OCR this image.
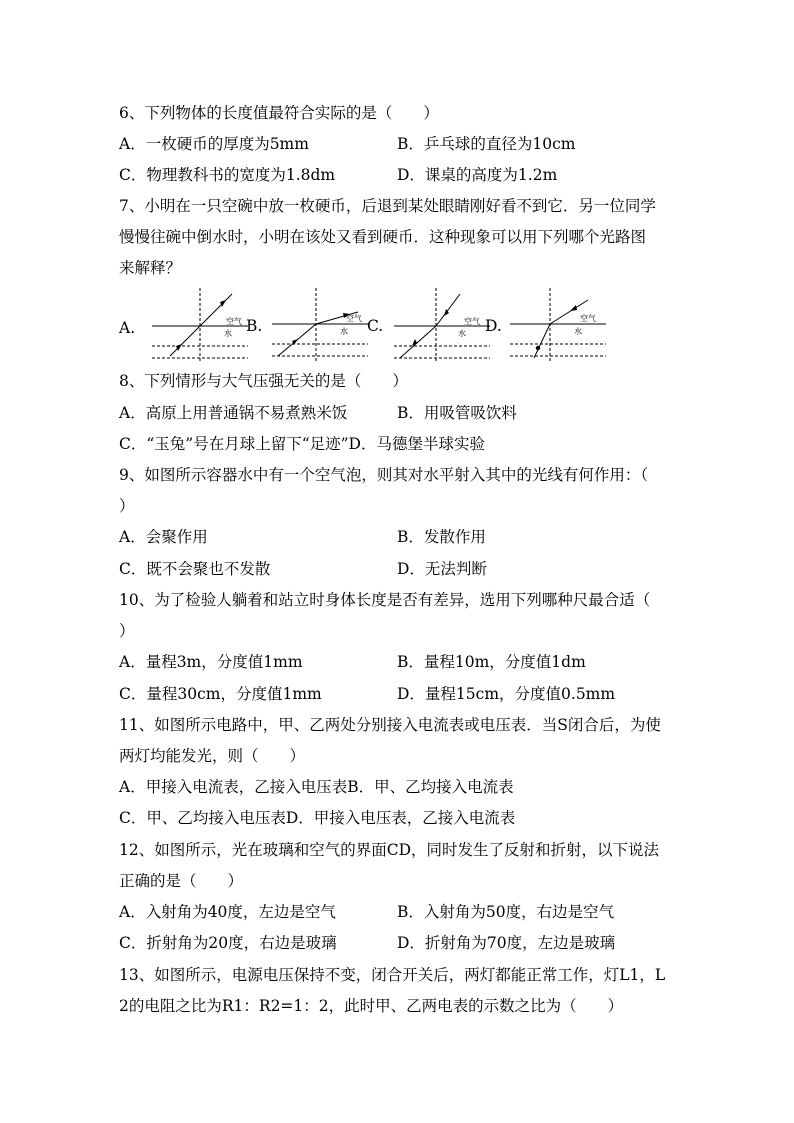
6、下列物体的长度值最符合实际的是（　　）
A．一枚硬币的厚度为5mm	B．乒乓球的直径为10cm
C．物理教科书的宽度为1.8dm	D．课桌的高度为1.2m
7、小明在一只空碗中放一枚硬币，后退到某处眼睛刚好看不到它．另一位同学
慢慢往碗中倒水时，小明在该处又看到硬币．这种现象可以用下列哪个光路图
来解释？
A.	空气
水 B.	空气
水 C.	空气
水 D.	空气
水
8、下列情形与大气压强无关的是（　　）
A．高原上用普通锅不易煮熟米饭	B．用吸管吸饮料
C．“玉兔”号在月球上留下“足迹”D．马德堡半球实验
9、如图所示容器水中有一个空气泡，则其对水平射入其中的光线有何作用：（
）
A．会聚作用	B．发散作用
C．既不会聚也不发散	D．无法判断
10、为了检验人躺着和站立时身体长度是否有差异，选用下列哪种尺最合适（
）
A．量程3m，分度值1mm	B．量程10m，分度值1dm
C．量程30cm，分度值1mm	D．量程15cm，分度值0.5mm
11、如图所示电路中，甲、乙两处分别接入电流表或电压表．当S闭合后，为使
两灯均能发光，则（　　）
A．甲接入电流表，乙接入电压表B．甲、乙均接入电流表
C．甲、乙均接入电压表D．甲接入电压表，乙接入电流表
12、如图所示，光在玻璃和空气的界面CD，同时发生了反射和折射，以下说法
正确的是（　　）
A．入射角为40度，左边是空气	B．入射角为50度，右边是空气
C．折射角为20度，右边是玻璃	D．折射角为70度，左边是玻璃
13、如图所示，电源电压保持不变，闭合开关后，两灯都能正常工作，灯L1，L
2的电阻之比为R1：R2=1：2，此时甲、乙两电表的示数之比为（　　）
